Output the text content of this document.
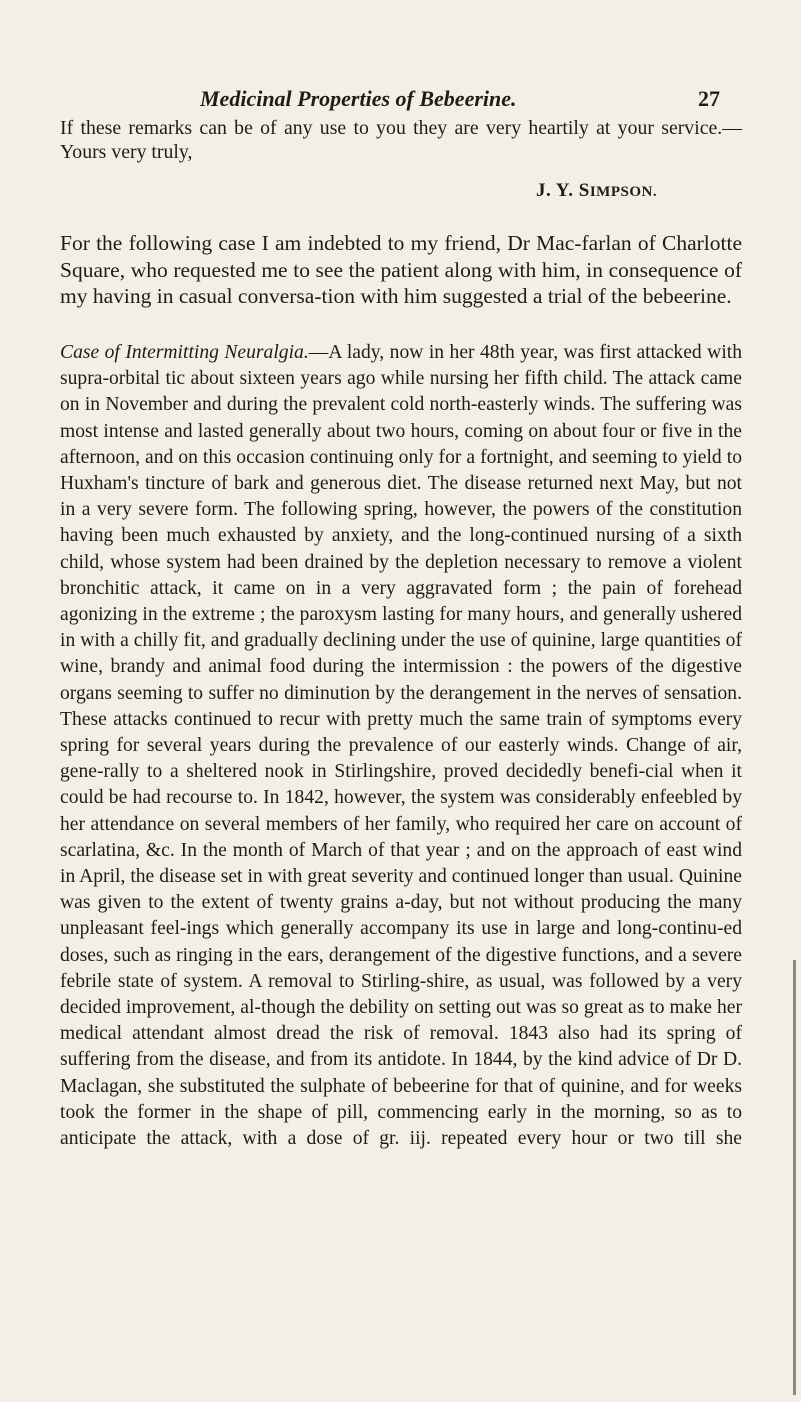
Medicinal Properties of Bebeerine.	27
If these remarks can be of any use to you they are very heartily at your service.—Yours very truly,
J. Y. SIMPSON.
For the following case I am indebted to my friend, Dr Mac-farlan of Charlotte Square, who requested me to see the patient along with him, in consequence of my having in casual conversa-tion with him suggested a trial of the bebeerine.
Case of Intermitting Neuralgia.—A lady, now in her 48th year, was first attacked with supra-orbital tic about sixteen years ago while nursing her fifth child. The attack came on in November and during the prevalent cold north-easterly winds. The suffering was most intense and lasted generally about two hours, coming on about four or five in the afternoon, and on this occasion continuing only for a fortnight, and seeming to yield to Huxham's tincture of bark and generous diet. The disease returned next May, but not in a very severe form. The following spring, however, the powers of the constitution having been much exhausted by anxiety, and the long-continued nursing of a sixth child, whose system had been drained by the depletion necessary to remove a violent bronchitic attack, it came on in a very aggravated form ; the pain of forehead agonizing in the extreme ; the paroxysm lasting for many hours, and generally ushered in with a chilly fit, and gradually declining under the use of quinine, large quantities of wine, brandy and animal food during the intermission : the powers of the digestive organs seeming to suffer no diminution by the derangement in the nerves of sensation. These attacks continued to recur with pretty much the same train of symptoms every spring for several years during the prevalence of our easterly winds. Change of air, gene-rally to a sheltered nook in Stirlingshire, proved decidedly benefi-cial when it could be had recourse to. In 1842, however, the system was considerably enfeebled by her attendance on several members of her family, who required her care on account of scarlatina, &c. In the month of March of that year ; and on the approach of east wind in April, the disease set in with great severity and continued longer than usual. Quinine was given to the extent of twenty grains a-day, but not without producing the many unpleasant feel-ings which generally accompany its use in large and long-continu-ed doses, such as ringing in the ears, derangement of the digestive functions, and a severe febrile state of system. A removal to Stirling-shire, as usual, was followed by a very decided improvement, al-though the debility on setting out was so great as to make her medical attendant almost dread the risk of removal. 1843 also had its spring of suffering from the disease, and from its antidote. In 1844, by the kind advice of Dr D. Maclagan, she substituted the sulphate of bebeerine for that of quinine, and for weeks took the former in the shape of pill, commencing early in the morning, so as to anticipate the attack, with a dose of gr. iij. repeated every hour or two till she
